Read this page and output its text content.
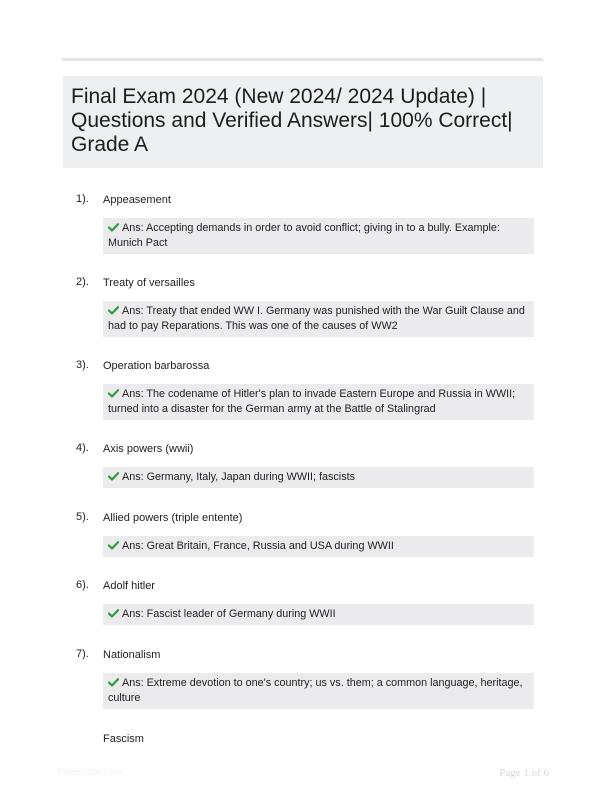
Final Exam 2024 (New 2024/ 2024 Update) | Questions and Verified Answers| 100% Correct| Grade A
1). Appeasement
Ans: Accepting demands in order to avoid conflict; giving in to a bully. Example: Munich Pact
2). Treaty of versailles
Ans: Treaty that ended WW I. Germany was punished with the War Guilt Clause and had to pay Reparations. This was one of the causes of WW2
3). Operation barbarossa
Ans: The codename of Hitler's plan to invade Eastern Europe and Russia in WWII; turned into a disaster for the German army at the Battle of Stalingrad
4). Axis powers (wwii)
Ans: Germany, Italy, Japan during WWII; fascists
5). Allied powers (triple entente)
Ans: Great Britain, France, Russia and USA during WWII
6). Adolf hitler
Ans: Fascist leader of Germany during WWII
7). Nationalism
Ans: Extreme devotion to one's country; us vs. them; a common language, heritage, culture
Fascism
PaperSbit.com	Page 1 of 6
